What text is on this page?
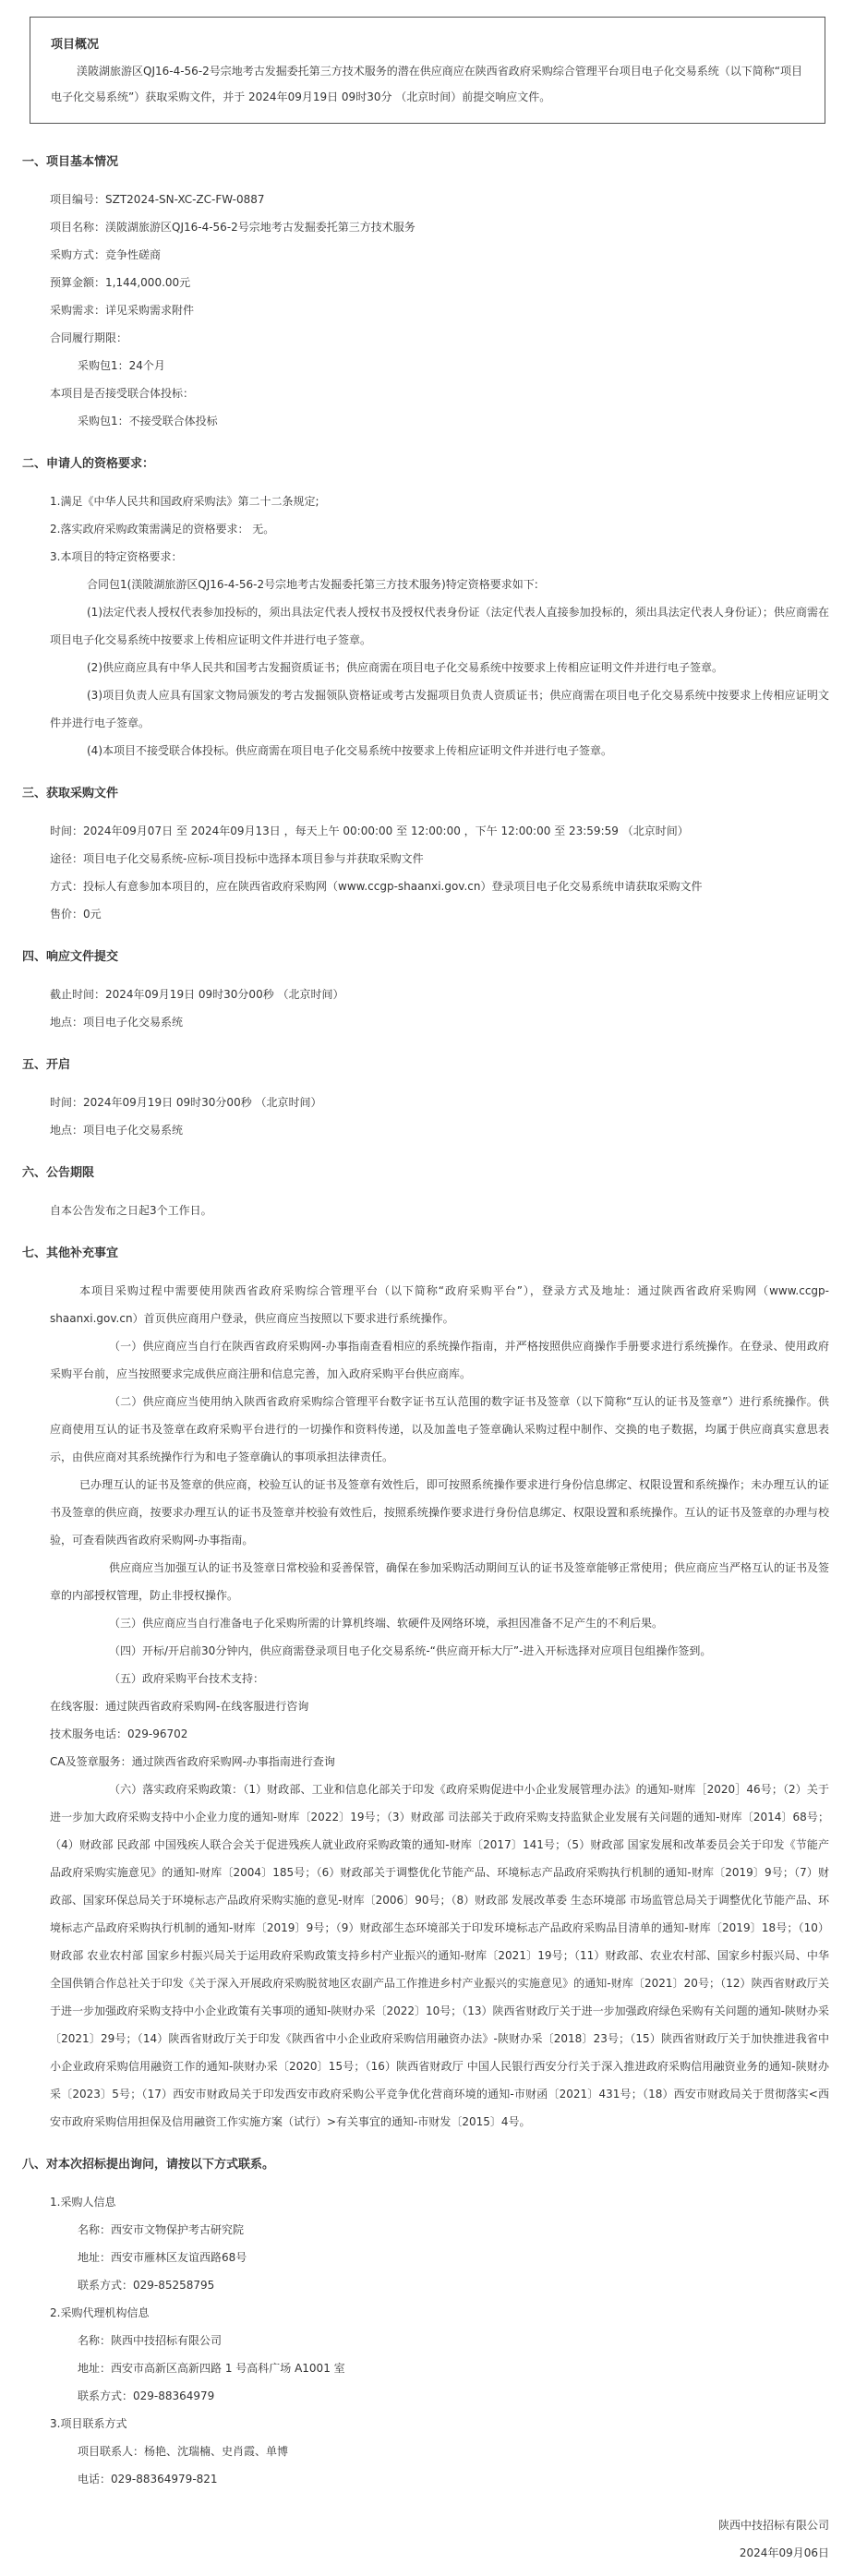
项目概况
渼陂湖旅游区QJ16-4-56-2号宗地考古发掘委托第三方技术服务的潜在供应商应在陕西省政府采购综合管理平台项目电子化交易系统（以下简称“项目电子化交易系统”）获取采购文件，并于 2024年09月19日 09时30分 （北京时间）前提交响应文件。
一、项目基本情况
项目编号：SZT2024-SN-XC-ZC-FW-0887
项目名称：渼陂湖旅游区QJ16-4-56-2号宗地考古发掘委托第三方技术服务
采购方式：竞争性磋商
预算金额：1,144,000.00元
采购需求：详见采购需求附件
合同履行期限：
采购包1：24个月
本项目是否接受联合体投标：
采购包1：不接受联合体投标
二、申请人的资格要求：
1.满足《中华人民共和国政府采购法》第二十二条规定;
2.落实政府采购政策需满足的资格要求： 无。
3.本项目的特定资格要求：
合同包1(渼陂湖旅游区QJ16-4-56-2号宗地考古发掘委托第三方技术服务)特定资格要求如下:
(1)法定代表人授权代表参加投标的，须出具法定代表人授权书及授权代表身份证（法定代表人直接参加投标的，须出具法定代表人身份证）；供应商需在项目电子化交易系统中按要求上传相应证明文件并进行电子签章。
(2)供应商应具有中华人民共和国考古发掘资质证书；供应商需在项目电子化交易系统中按要求上传相应证明文件并进行电子签章。
(3)项目负责人应具有国家文物局颁发的考古发掘领队资格证或考古发掘项目负责人资质证书；供应商需在项目电子化交易系统中按要求上传相应证明文件并进行电子签章。
(4)本项目不接受联合体投标。供应商需在项目电子化交易系统中按要求上传相应证明文件并进行电子签章。
三、获取采购文件
时间：2024年09月07日 至 2024年09月13日 ，每天上午 00:00:00 至 12:00:00 ，下午 12:00:00 至 23:59:59 （北京时间）
途径：项目电子化交易系统-应标-项目投标中选择本项目参与并获取采购文件
方式：投标人有意参加本项目的，应在陕西省政府采购网（www.ccgp-shaanxi.gov.cn）登录项目电子化交易系统申请获取采购文件
售价：0元
四、响应文件提交
截止时间：2024年09月19日 09时30分00秒 （北京时间）
地点：项目电子化交易系统
五、开启
时间：2024年09月19日 09时30分00秒 （北京时间）
地点：项目电子化交易系统
六、公告期限
自本公告发布之日起3个工作日。
七、其他补充事宜
本项目采购过程中需要使用陕西省政府采购综合管理平台（以下简称“政府采购平台”），登录方式及地址：通过陕西省政府采购网（www.ccgp-shaanxi.gov.cn）首页供应商用户登录，供应商应当按照以下要求进行系统操作。
（一）供应商应当自行在陕西省政府采购网-办事指南查看相应的系统操作指南，并严格按照供应商操作手册要求进行系统操作。在登录、使用政府采购平台前，应当按照要求完成供应商注册和信息完善，加入政府采购平台供应商库。
（二）供应商应当使用纳入陕西省政府采购综合管理平台数字证书互认范围的数字证书及签章（以下简称“互认的证书及签章”）进行系统操作。供应商使用互认的证书及签章在政府采购平台进行的一切操作和资料传递，以及加盖电子签章确认采购过程中制作、交换的电子数据，均属于供应商真实意思表示，由供应商对其系统操作行为和电子签章确认的事项承担法律责任。
已办理互认的证书及签章的供应商，校验互认的证书及签章有效性后，即可按照系统操作要求进行身份信息绑定、权限设置和系统操作；未办理互认的证书及签章的供应商，按要求办理互认的证书及签章并校验有效性后，按照系统操作要求进行身份信息绑定、权限设置和系统操作。互认的证书及签章的办理与校验，可查看陕西省政府采购网-办事指南。
供应商应当加强互认的证书及签章日常校验和妥善保管，确保在参加采购活动期间互认的证书及签章能够正常使用；供应商应当严格互认的证书及签章的内部授权管理，防止非授权操作。
（三）供应商应当自行准备电子化采购所需的计算机终端、软硬件及网络环境，承担因准备不足产生的不利后果。
（四）开标/开启前30分钟内，供应商需登录项目电子化交易系统-“供应商开标大厅”-进入开标选择对应项目包组操作签到。
（五）政府采购平台技术支持：
在线客服：通过陕西省政府采购网-在线客服进行咨询
技术服务电话：029-96702
CA及签章服务：通过陕西省政府采购网-办事指南进行查询
（六）落实政府采购政策：（1）财政部、工业和信息化部关于印发《政府采购促进中小企业发展管理办法》的通知-财库［2020］46号；（2）关于进一步加大政府采购支持中小企业力度的通知-财库〔2022〕19号；（3）财政部 司法部关于政府采购支持监狱企业发展有关问题的通知-财库〔2014〕68号；（4）财政部 民政部 中国残疾人联合会关于促进残疾人就业政府采购政策的通知-财库〔2017〕141号；（5）财政部 国家发展和改革委员会关于印发《节能产品政府采购实施意见》的通知-财库〔2004〕185号；（6）财政部关于调整优化节能产品、环境标志产品政府采购执行机制的通知-财库〔2019〕9号；（7）财政部、国家环保总局关于环境标志产品政府采购实施的意见-财库〔2006〕90号；（8）财政部 发展改革委 生态环境部 市场监管总局关于调整优化节能产品、环境标志产品政府采购执行机制的通知-财库〔2019〕9号；（9）财政部生态环境部关于印发环境标志产品政府采购品目清单的通知-财库〔2019〕18号；（10）财政部 农业农村部 国家乡村振兴局关于运用政府采购政策支持乡村产业振兴的通知-财库〔2021〕19号；（11）财政部、农业农村部、国家乡村振兴局、中华全国供销合作总社关于印发《关于深入开展政府采购脱贫地区农副产品工作推进乡村产业振兴的实施意见》的通知-财库〔2021〕20号；（12）陕西省财政厅关于进一步加强政府采购支持中小企业政策有关事项的通知-陕财办采〔2022〕10号；（13）陕西省财政厅关于进一步加强政府绿色采购有关问题的通知-陕财办采〔2021〕29号；（14）陕西省财政厅关于印发《陕西省中小企业政府采购信用融资办法》-陕财办采〔2018〕23号；（15）陕西省财政厅关于加快推进我省中小企业政府采购信用融资工作的通知-陕财办采〔2020〕15号；（16）陕西省财政厅 中国人民银行西安分行关于深入推进政府采购信用融资业务的通知-陕财办采〔2023〕5号；（17）西安市财政局关于印发西安市政府采购公平竞争优化营商环境的通知-市财函〔2021〕431号；（18）西安市财政局关于贯彻落实<西安市政府采购信用担保及信用融资工作实施方案（试行）>有关事宜的通知-市财发〔2015〕4号。
八、对本次招标提出询问，请按以下方式联系。
1.采购人信息
名称：西安市文物保护考古研究院
地址：西安市雁林区友谊西路68号
联系方式：029-85258795
2.采购代理机构信息
名称：陕西中技招标有限公司
地址：西安市高新区高新四路 1 号高科广场 A1001 室
联系方式：029-88364979
3.项目联系方式
项目联系人：杨艳、沈瑞楠、史肖霞、单博
电话：029-88364979-821
陕西中技招标有限公司
2024年09月06日
